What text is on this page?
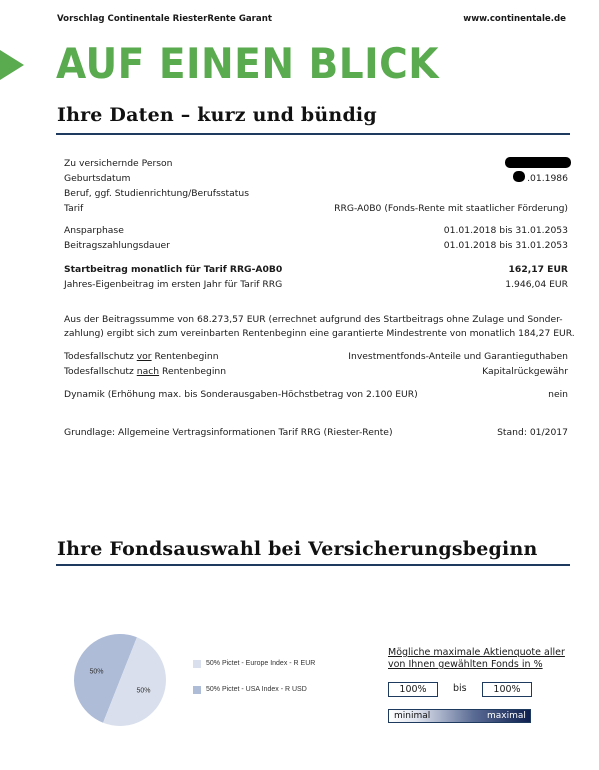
Vorschlag Continentale RiesterRente Garant	www.continentale.de
AUF EINEN BLICK
Ihre Daten – kurz und bündig
Zu versichernde Person
Geburtsdatum	.01.1986
Beruf, ggf. Studienrichtung/Berufsstatus
Tarif	RRG-A0B0 (Fonds-Rente mit staatlicher Förderung)
Ansparphase	01.01.2018 bis 31.01.2053
Beitragszahlungsdauer	01.01.2018 bis 31.01.2053
Startbeitrag monatlich für Tarif RRG-A0B0	162,17 EUR
Jahres-Eigenbeitrag im ersten Jahr für Tarif RRG	1.946,04 EUR
Aus der Beitragssumme von 68.273,57 EUR (errechnet aufgrund des Startbeitrags ohne Zulage und Sonder-
zahlung) ergibt sich zum vereinbarten Rentenbeginn eine garantierte Mindestrente von monatlich 184,27 EUR.
Todesfallschutz vor Rentenbeginn	Investmentfonds-Anteile und Garantieguthaben
Todesfallschutz nach Rentenbeginn	Kapitalrückgewähr
Dynamik (Erhöhung max. bis Sonderausgaben-Höchstbetrag von 2.100 EUR)	nein
Grundlage: Allgemeine Vertragsinformationen Tarif RRG (Riester-Rente)	Stand: 01/2017
Ihre Fondsauswahl bei Versicherungsbeginn
50%
50%
50% Pictet - Europe Index - R EUR
50% Pictet - USA Index - R USD
Mögliche maximale Aktienquote aller
von Ihnen gewählten Fonds in %
100%	bis	100%
minimal	maximal
